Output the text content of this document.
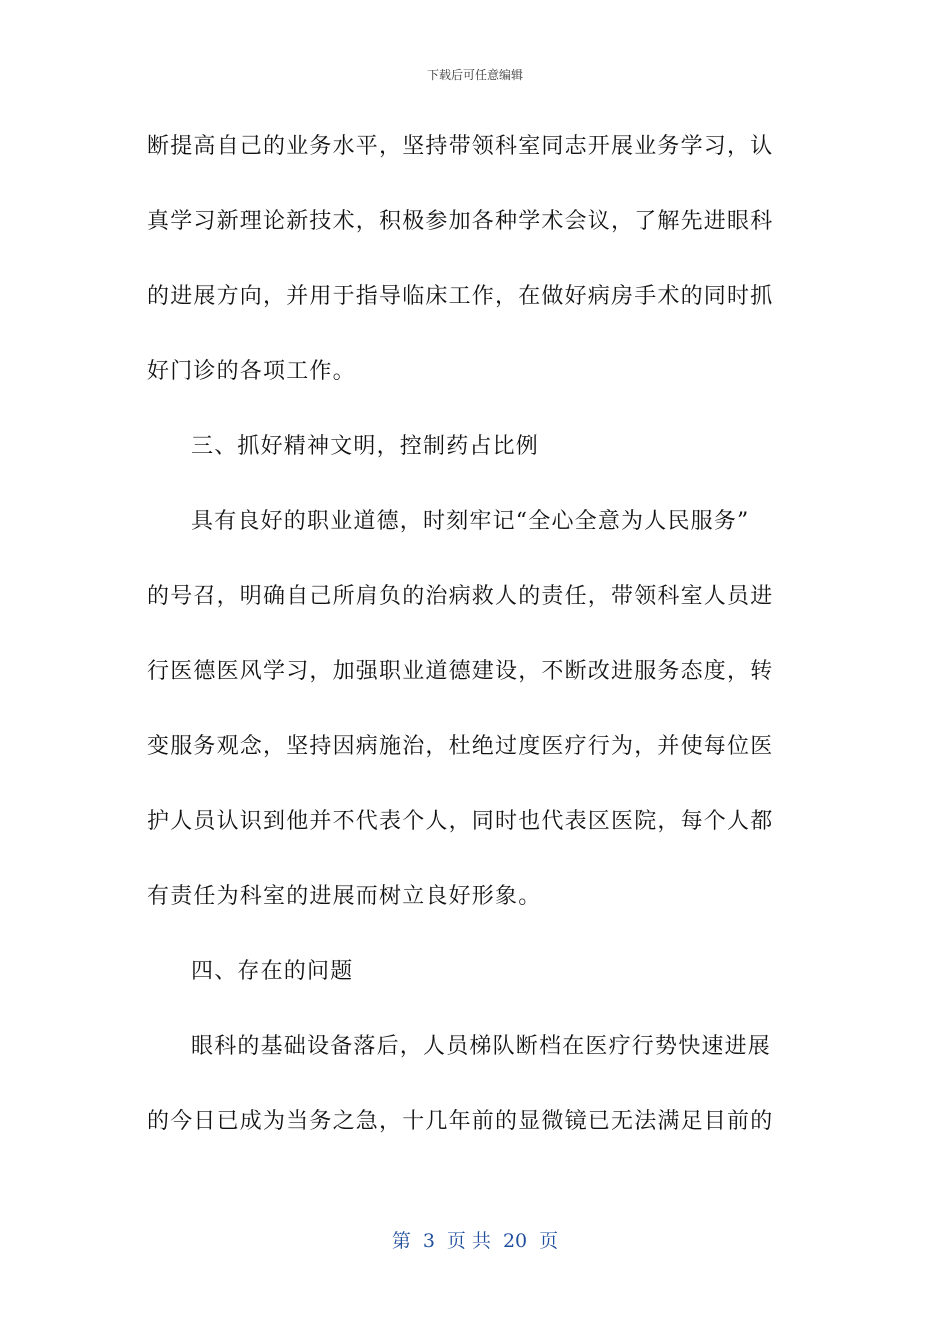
下载后可任意编辑
断提高自己的业务水平，坚持带领科室同志开展业务学习，认
真学习新理论新技术，积极参加各种学术会议，了解先进眼科
的进展方向，并用于指导临床工作，在做好病房手术的同时抓
好门诊的各项工作。
三、抓好精神文明，控制药占比例
具有良好的职业道德，时刻牢记“全心全意为人民服务”
的号召，明确自己所肩负的治病救人的责任，带领科室人员进
行医德医风学习，加强职业道德建设，不断改进服务态度，转
变服务观念，坚持因病施治，杜绝过度医疗行为，并使每位医
护人员认识到他并不代表个人，同时也代表区医院，每个人都
有责任为科室的进展而树立良好形象。
四、存在的问题
眼科的基础设备落后，人员梯队断档在医疗行势快速进展
的今日已成为当务之急，十几年前的显微镜已无法满足目前的
第 3 页 共 20 页
